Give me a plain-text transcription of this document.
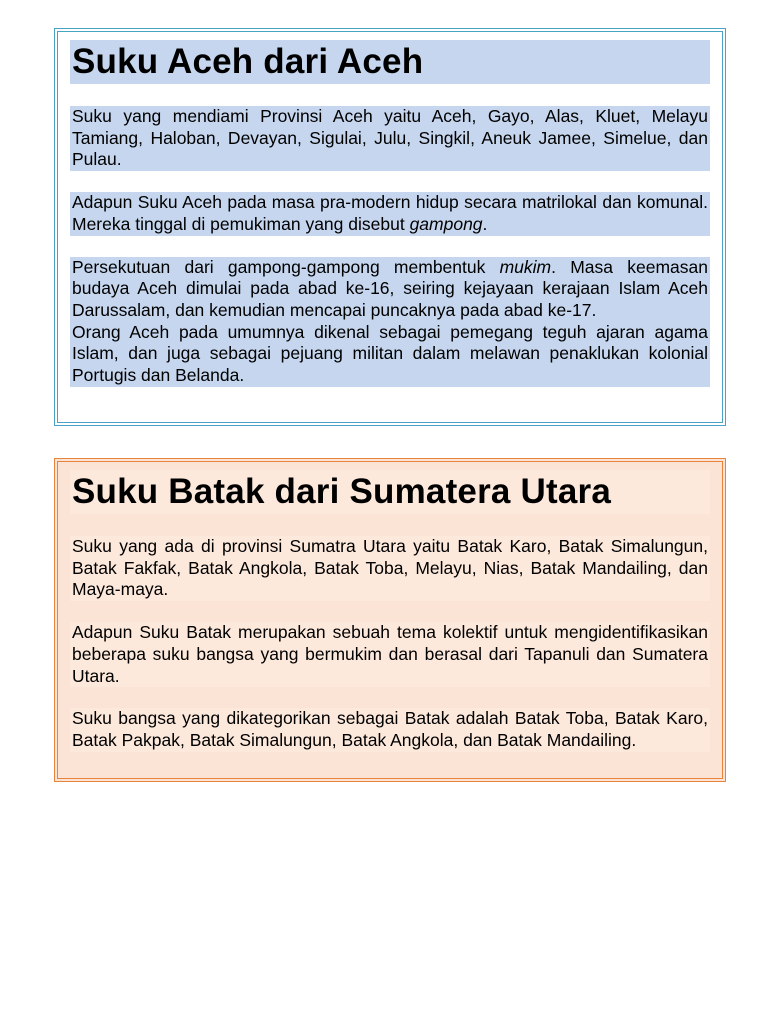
Suku Aceh dari Aceh

Suku yang mendiami Provinsi Aceh yaitu Aceh, Gayo, Alas, Kluet, Melayu Tamiang, Haloban, Devayan, Sigulai, Julu, Singkil, Aneuk Jamee, Simelue, dan Pulau.

Adapun Suku Aceh pada masa pra-modern hidup secara matrilokal dan komunal. Mereka tinggal di pemukiman yang disebut gampong.

Persekutuan dari gampong-gampong membentuk mukim. Masa keemasan budaya Aceh dimulai pada abad ke-16, seiring kejayaan kerajaan Islam Aceh Darussalam, dan kemudian mencapai puncaknya pada abad ke-17.

Orang Aceh pada umumnya dikenal sebagai pemegang teguh ajaran agama Islam, dan juga sebagai pejuang militan dalam melawan penaklukan kolonial Portugis dan Belanda.

Suku Batak dari Sumatera Utara

Suku yang ada di provinsi Sumatra Utara yaitu Batak Karo, Batak Simalungun, Batak Fakfak, Batak Angkola, Batak Toba, Melayu, Nias, Batak Mandailing, dan Maya-maya.

Adapun Suku Batak merupakan sebuah tema kolektif untuk mengidentifikasikan beberapa suku bangsa yang bermukim dan berasal dari Tapanuli dan Sumatera Utara.

Suku bangsa yang dikategorikan sebagai Batak adalah Batak Toba, Batak Karo, Batak Pakpak, Batak Simalungun, Batak Angkola, dan Batak Mandailing.
